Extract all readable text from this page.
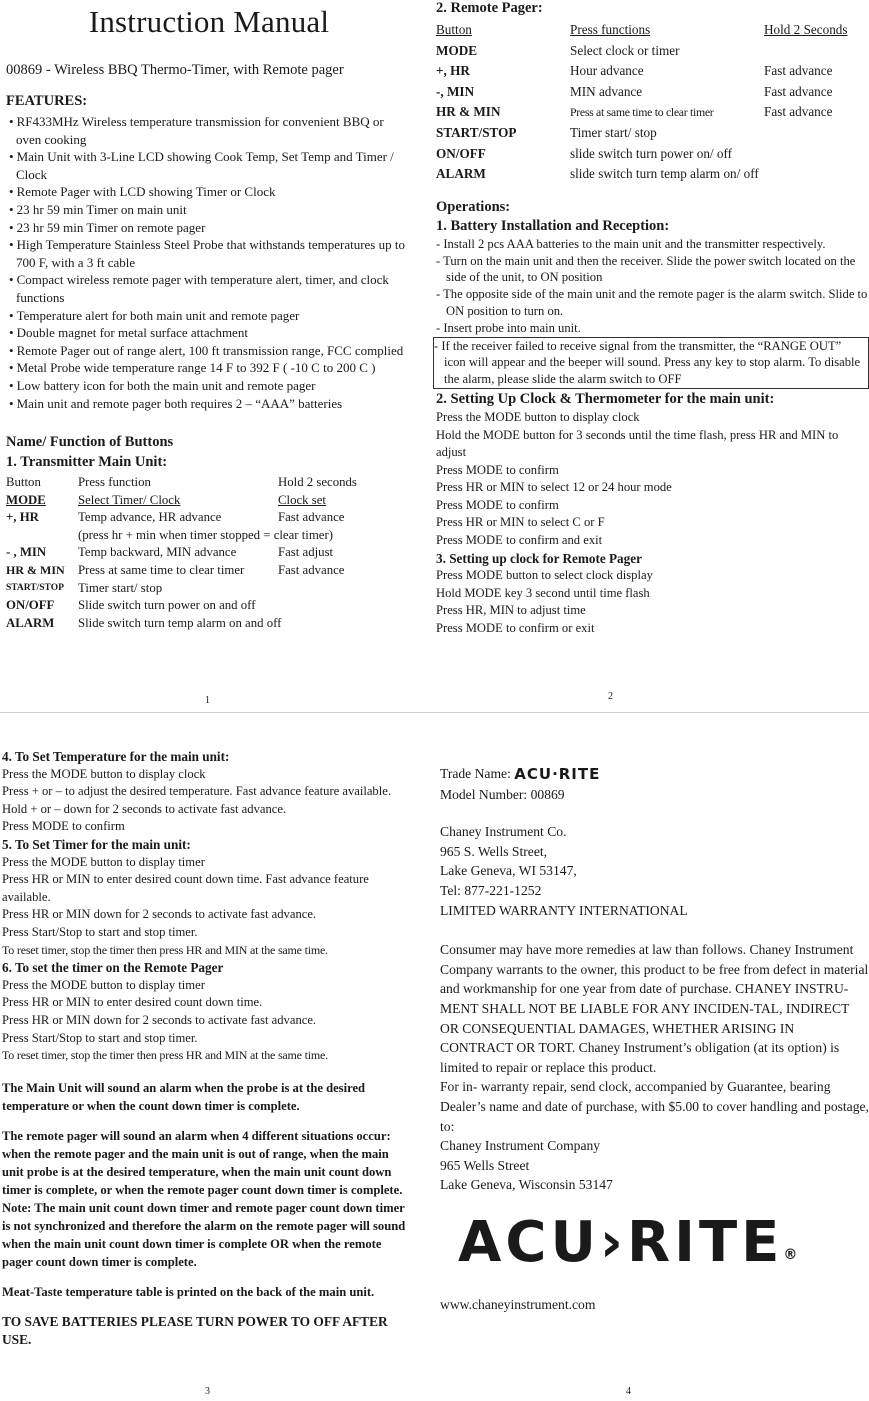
Instruction Manual
00869 - Wireless BBQ Thermo-Timer, with Remote pager
FEATURES:
• RF433MHz Wireless temperature transmission for convenient BBQ or oven cooking
• Main Unit with 3-Line LCD showing Cook Temp, Set Temp and Timer / Clock
• Remote Pager with LCD showing Timer or Clock
• 23 hr 59 min Timer on main unit
• 23 hr 59 min Timer on remote pager
• High Temperature Stainless Steel Probe that withstands temperatures up to 700 F, with a 3 ft cable
• Compact wireless remote pager with temperature alert, timer, and clock functions
• Temperature alert for both main unit and remote pager
• Double magnet for metal surface attachment
• Remote Pager out of range alert, 100 ft transmission range, FCC complied
• Metal Probe wide temperature range 14 F to 392 F ( -10 C to 200 C )
• Low battery icon for both the main unit and remote pager
• Main unit and remote pager both requires 2 – “AAA” batteries
Name/ Function of Buttons
1. Transmitter Main Unit:
Button	Press function	Hold 2 seconds
MODE	Select Timer/ Clock	Clock set
+, HR	Temp advance, HR advance	Fast advance
	(press hr + min when timer stopped = clear timer)	
- , MIN	Temp backward, MIN advance	Fast adjust
HR & MIN	Press at same time to clear timer	Fast advance
START/STOP	Timer start/ stop	
ON/OFF	Slide switch turn power on and off	
ALARM	Slide switch turn temp alarm on and off	
1
2. Remote Pager:
Button	Press functions	Hold 2 Seconds
MODE	Select clock or timer	
+, HR	Hour advance	Fast advance
-, MIN	MIN advance	Fast advance
HR & MIN	Press at same time to clear timer	Fast advance
START/STOP	Timer start/ stop	
ON/OFF	slide switch turn power on/ off	
ALARM	slide switch turn temp alarm on/ off	
Operations:
1. Battery Installation and Reception:

- Install 2 pcs AAA batteries to the main unit and the transmitter respectively.

- Turn on the main unit and then the receiver. Slide the power switch located on the side of the unit, to ON position

- The opposite side of the main unit and the remote pager is the alarm switch. Slide to ON position to turn on.

- Insert probe into main unit.

- If the receiver failed to receive signal from the transmitter, the “RANGE OUT” icon will appear and the beeper will sound. Press any key to stop alarm. To disable the alarm, please slide the alarm switch to OFF

2. Setting Up Clock & Thermometer for the main unit:

Press the MODE button to display clock

Hold the MODE button for 3 seconds until the time flash, press HR and MIN to adjust

Press MODE to confirm

Press HR or MIN to select 12 or 24 hour mode

Press MODE to confirm

Press HR or MIN to select C or F

Press MODE to confirm and exit

3. Setting up clock for Remote Pager

Press MODE button to select clock display

Hold MODE key 3 second until time flash

Press HR, MIN to adjust time

Press MODE to confirm or exit

2

4. To Set Temperature for the main unit:

Press the MODE button to display clock

Press + or – to adjust the desired temperature. Fast advance feature available. Hold + or – down for 2 seconds to activate fast advance.

Press MODE to confirm

5. To Set Timer for the main unit:

Press the MODE button to display timer

Press HR or MIN to enter desired count down time. Fast advance feature available.

Press HR or MIN down for 2 seconds to activate fast advance.

Press Start/Stop to start and stop timer.

To reset timer, stop the timer then press HR and MIN at the same time.

6. To set the timer on the Remote Pager

Press the MODE button to display timer

Press HR or MIN to enter desired count down time.

Press HR or MIN down for 2 seconds to activate fast advance.

Press Start/Stop to start and stop timer.

To reset timer, stop the timer then press HR and MIN at the same time.

The Main Unit will sound an alarm when the probe is at the desired temperature or when the count down timer is complete.

The remote pager will sound an alarm when 4 different situations occur: when the remote pager and the main unit is out of range, when the main unit probe is at the desired temperature, when the main unit count down timer is complete, or when the remote pager count down timer is complete. Note: The main unit count down timer and remote pager count down timer is not synchronized and therefore the alarm on the remote pager will sound when the main unit count down timer is complete OR when the remote pager count down timer is complete.

Meat-Taste temperature table is printed on the back of the main unit.

TO SAVE BATTERIES PLEASE TURN POWER TO OFF AFTER USE.

3

Trade Name: ACU·RITE

Model Number: 00869

Chaney Instrument Co.

965 S. Wells Street,

Lake Geneva, WI 53147,

Tel: 877-221-1252

LIMITED WARRANTY INTERNATIONAL

Consumer may have more remedies at law than follows. Chaney Instrument Company warrants to the owner, this product to be free from defect in material and workmanship for one year from date of purchase. CHANEY INSTRU-MENT SHALL NOT BE LIABLE FOR ANY INCIDEN-TAL, INDIRECT OR CONSEQUENTIAL DAMAGES, WHETHER ARISING IN CONTRACT OR TORT. Chaney Instrument’s obligation (at its option) is limited to repair or replace this product.

For in- warranty repair, send clock, accompanied by Guarantee, bearing Dealer’s name and date of purchase, with $5.00 to cover handling and postage, to:

Chaney Instrument Company

965 Wells Street

Lake Geneva, Wisconsin 53147

ACU›RITE®

www.chaneyinstrument.com

4
